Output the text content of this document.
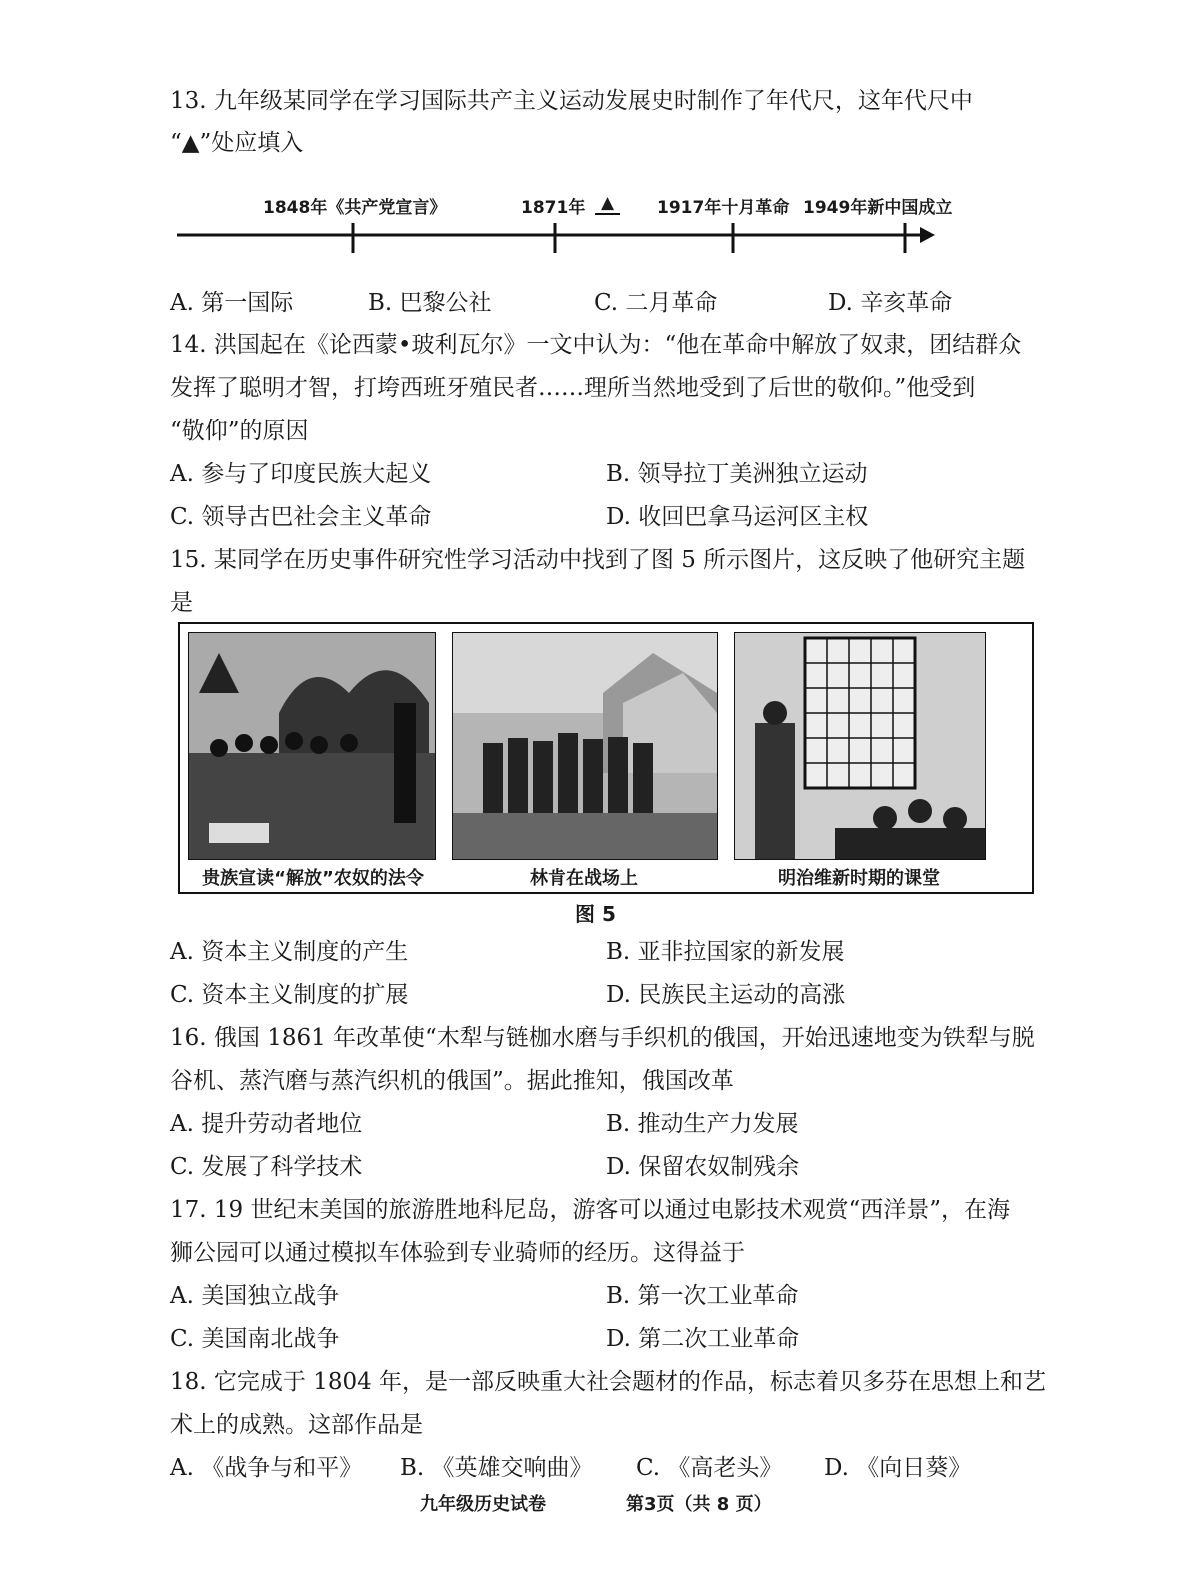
13. 九年级某同学在学习国际共产主义运动发展史时制作了年代尺，这年代尺中
“▲”处应填入
1848年《共产党宣言》	1871年 ▲	1917年十月革命 1949年新中国成立
A. 第一国际	B. 巴黎公社	C. 二月革命	D. 辛亥革命
14. 洪国起在《论西蒙•玻利瓦尔》一文中认为：“他在革命中解放了奴隶，团结群众
发挥了聪明才智，打垮西班牙殖民者……理所当然地受到了后世的敬仰。”他受到
“敬仰”的原因
A. 参与了印度民族大起义	B. 领导拉丁美洲独立运动
C. 领导古巴社会主义革命	D. 收回巴拿马运河区主权
15. 某同学在历史事件研究性学习活动中找到了图 5 所示图片，这反映了他研究主题
是
贵族宣读“解放”农奴的法令	林肯在战场上	明治维新时期的课堂
图 5
A. 资本主义制度的产生	B. 亚非拉国家的新发展
C. 资本主义制度的扩展	D. 民族民主运动的高涨
16. 俄国 1861 年改革使“木犁与链枷水磨与手织机的俄国，开始迅速地变为铁犁与脱
谷机、蒸汽磨与蒸汽织机的俄国”。据此推知，俄国改革
A. 提升劳动者地位	B. 推动生产力发展
C. 发展了科学技术	D. 保留农奴制残余
17. 19 世纪末美国的旅游胜地科尼岛，游客可以通过电影技术观赏“西洋景”，在海
狮公园可以通过模拟车体验到专业骑师的经历。这得益于
A. 美国独立战争	B. 第一次工业革命
C. 美国南北战争	D. 第二次工业革命
18. 它完成于 1804 年，是一部反映重大社会题材的作品，标志着贝多芬在思想上和艺
术上的成熟。这部作品是
A. 《战争与和平》 B. 《英雄交响曲》 C. 《高老头》 D. 《向日葵》
九年级历史试卷	第3页（共 8 页）
